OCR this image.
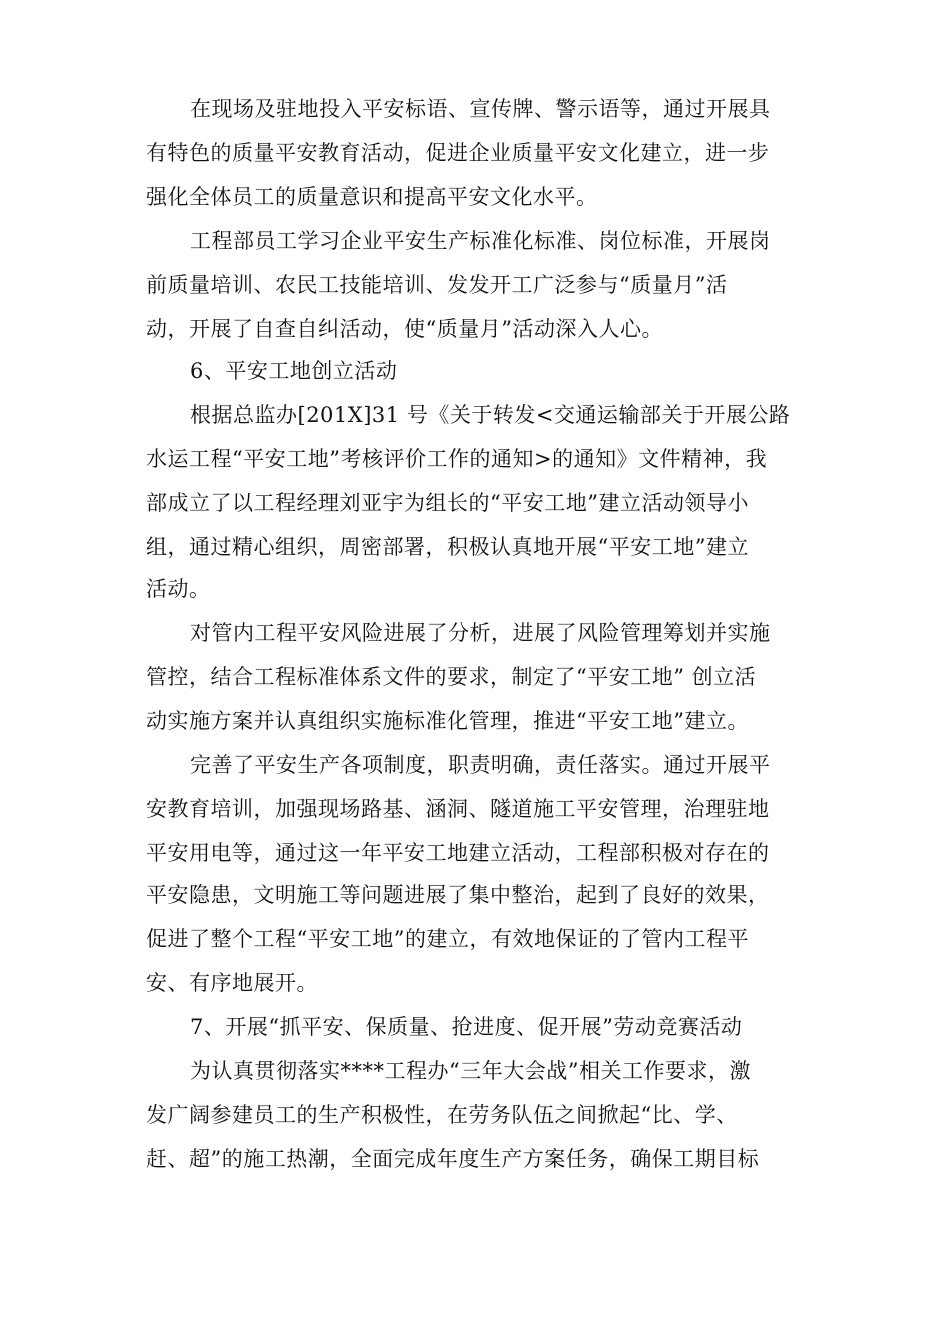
在现场及驻地投入平安标语、宣传牌、警示语等，通过开展具
有特色的质量平安教育活动，促进企业质量平安文化建立，进一步
强化全体员工的质量意识和提高平安文化水平。
工程部员工学习企业平安生产标准化标准、岗位标准，开展岗
前质量培训、农民工技能培训、发发开工广泛参与“质量月”活
动，开展了自查自纠活动，使“质量月”活动深入人心。
6、平安工地创立活动
根据总监办[201X]31 号《关于转发<交通运输部关于开展公路
水运工程“平安工地”考核评价工作的通知>的通知》文件精神，我
部成立了以工程经理刘亚宇为组长的“平安工地”建立活动领导小
组，通过精心组织，周密部署，积极认真地开展“平安工地”建立
活动。
对管内工程平安风险进展了分析，进展了风险管理筹划并实施
管控，结合工程标准体系文件的要求，制定了“平安工地” 创立活
动实施方案并认真组织实施标准化管理，推进“平安工地”建立。
完善了平安生产各项制度，职责明确，责任落实。通过开展平
安教育培训，加强现场路基、涵洞、隧道施工平安管理，治理驻地
平安用电等，通过这一年平安工地建立活动，工程部积极对存在的
平安隐患，文明施工等问题进展了集中整治，起到了良好的效果，
促进了整个工程“平安工地”的建立，有效地保证的了管内工程平
安、有序地展开。
7、开展“抓平安、保质量、抢进度、促开展”劳动竞赛活动
为认真贯彻落实****工程办“三年大会战”相关工作要求，激
发广阔参建员工的生产积极性，在劳务队伍之间掀起“比、学、
赶、超”的施工热潮，全面完成年度生产方案任务，确保工期目标
